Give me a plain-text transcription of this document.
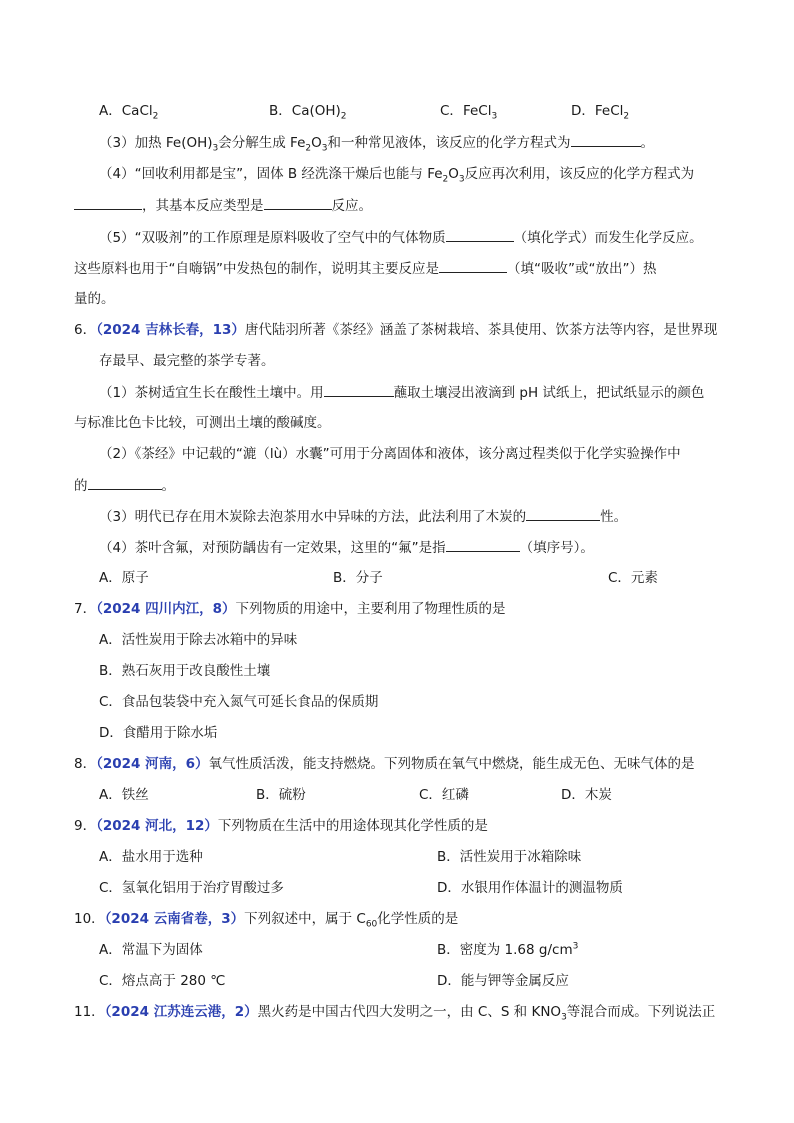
A．CaCl$_2$	B．$Ca(OH)_2$	C．FeCl$_3$	D．FeCl$_2$
（3）加热 $Fe(OH)_3$会分解生成 $Fe_2O_3$和一种常见液体，该反应的化学方程式为	。
（4）“回收利用都是宝”，固体 B 经洗涤干燥后也能与 $Fe_2O_3$反应再次利用，该反应的化学方程式为
，其基本反应类型是	反应。
（5）“双吸剂”的工作原理是原料吸收了空气中的气体物质	（填化学式）而发生化学反应。
这些原料也用于“自嗨锅”中发热包的制作，说明其主要反应是	（填“吸收”或“放出”）热
量的。
6．（2024 吉林长春，13）唐代陆羽所著《茶经》涵盖了茶树栽培、茶具使用、饮茶方法等内容，是世界现
存最早、最完整的茶学专著。
（1）茶树适宜生长在酸性土壤中。用	蘸取土壤浸出液滴到 pH 试纸上，把试纸显示的颜色
与标准比色卡比较，可测出土壤的酸碱度。
（2）《茶经》中记载的“漉（lù）水囊”可用于分离固体和液体，该分离过程类似于化学实验操作中
的	。
（3）明代已存在用木炭除去泡茶用水中异味的方法，此法利用了木炭的	性。
（4）茶叶含氟，对预防龋齿有一定效果，这里的“氟”是指	（填序号）。
A．原子	B．分子	C．元素
7．（2024 四川内江，8）下列物质的用途中，主要利用了物理性质的是
A．活性炭用于除去冰箱中的异味
B．熟石灰用于改良酸性土壤
C．食品包装袋中充入氮气可延长食品的保质期
D．食醋用于除水垢
8．（2024 河南，6）氧气性质活泼，能支持燃烧。下列物质在氧气中燃烧，能生成无色、无味气体的是
A．铁丝	B．硫粉	C．红磷	D．木炭
9．（2024 河北，12）下列物质在生活中的用途体现其化学性质的是
A．盐水用于选种	B．活性炭用于冰箱除味
C．氢氧化铝用于治疗胃酸过多	D．水银用作体温计的测温物质
10．（2024 云南省卷，3）下列叙述中，属于 $C_{60}$化学性质的是
A．常温下为固体	B．密度为 1.68 $g/cm^3$
C．熔点高于 280 ℃	D．能与钾等金属反应
11．（2024 江苏连云港，2）黑火药是中国古代四大发明之一，由 C、S 和 $KNO_3$等混合而成。下列说法正
